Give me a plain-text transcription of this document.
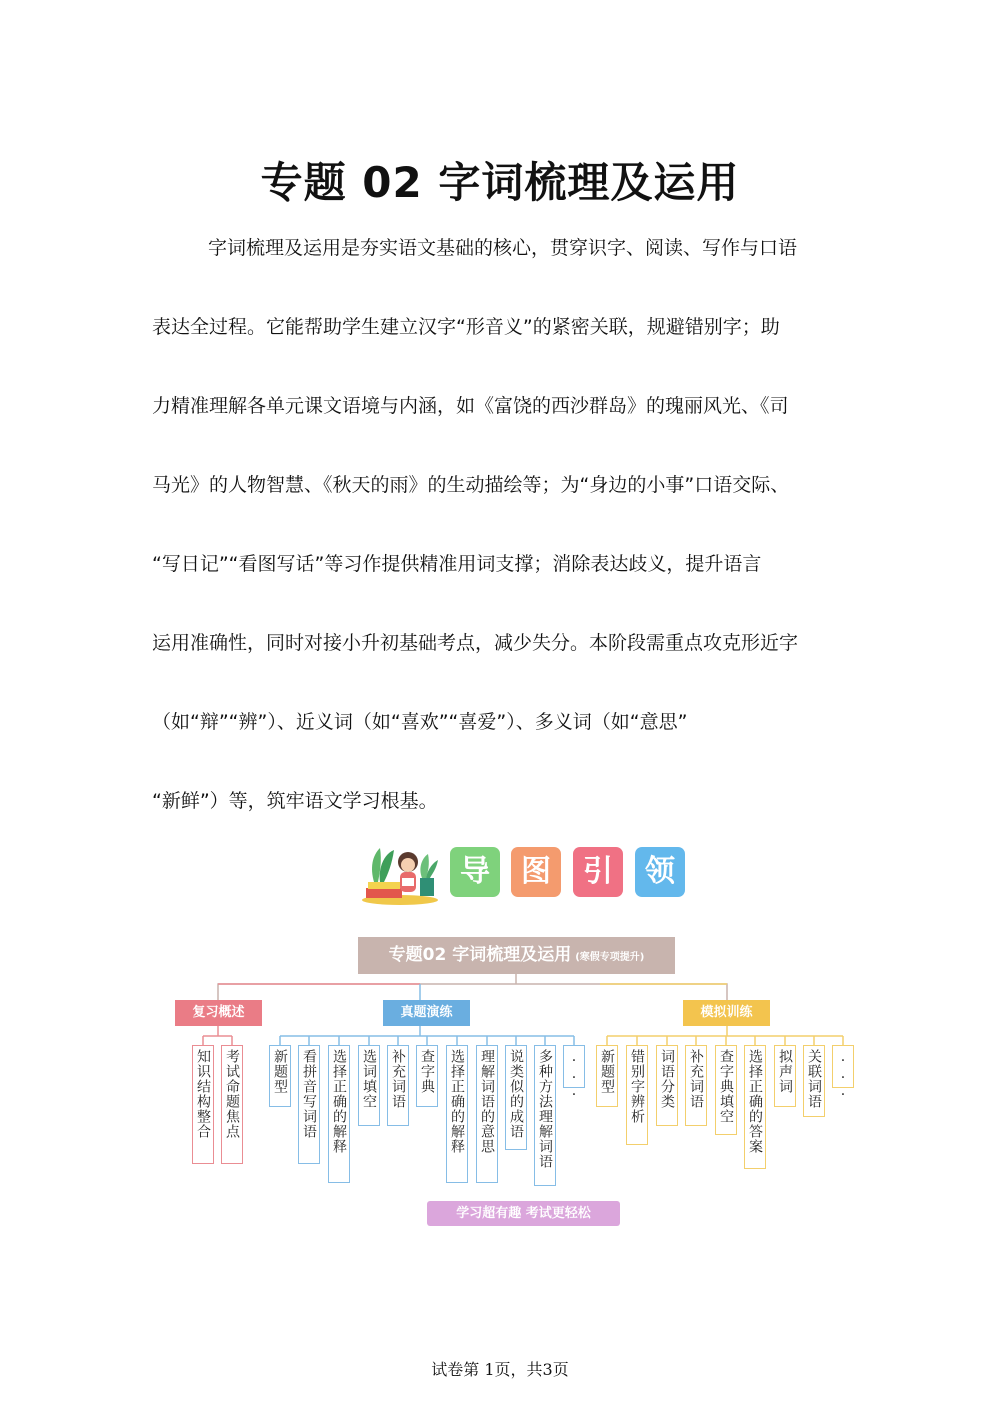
专题 02 字词梳理及运用
字词梳理及运用是夯实语文基础的核心，贯穿识字、阅读、写作与口语
表达全过程。它能帮助学生建立汉字“形音义”的紧密关联，规避错别字；助
力精准理解各单元课文语境与内涵，如《富饶的西沙群岛》的瑰丽风光、《司
马光》的人物智慧、《秋天的雨》的生动描绘等；为“身边的小事”口语交际、
“写日记”“看图写话”等习作提供精准用词支撑；消除表达歧义，提升语言
运用准确性，同时对接小升初基础考点，减少失分。本阶段需重点攻克形近字
（如“辩”“辨”）、近义词（如“喜欢”“喜爱”）、多义词（如“意思”
“新鲜”）等，筑牢语文学习根基。
导	图	引	领
专题02 字词梳理及运用 (寒假专项提升)
复习概述	真题演练	模拟训练
知识结构整合 考试命题焦点 新题型 看拼音写词语 选择正确的解释 选词填空 补充词语 查字典 选择正确的解释 理解词语的意思 说类似的成语 多种方法理解词语 ... 新题型 错别字辨析 词语分类 补充词语 查字典填空 选择正确的答案 拟声词 关联词语 ...
学习超有趣 考试更轻松
试卷第 1页，共3页
